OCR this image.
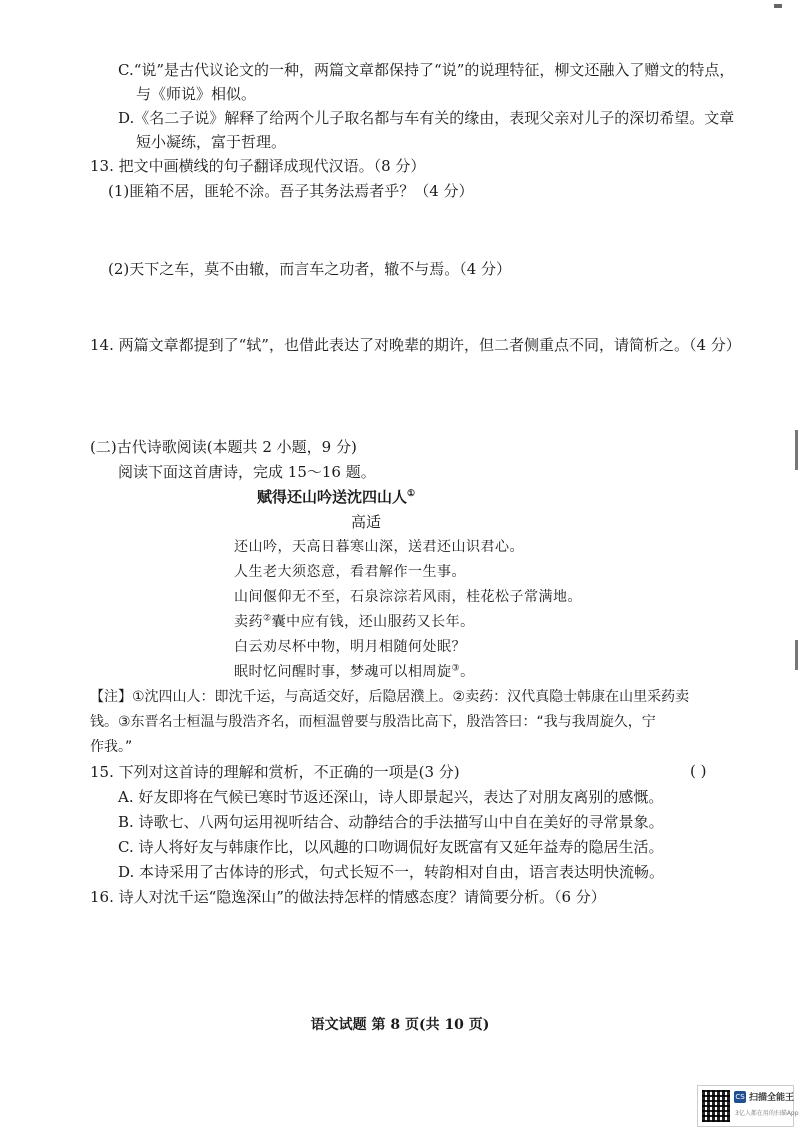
C.“说”是古代议论文的一种，两篇文章都保持了“说”的说理特征，柳文还融入了赠文的特点，
与《师说》相似。
D.《名二子说》解释了给两个儿子取名都与车有关的缘由，表现父亲对儿子的深切希望。文章
短小凝练，富于哲理。
13. 把文中画横线的句子翻译成现代汉语。（8 分）
(1)匪箱不居，匪轮不涂。吾子其务法焉者乎？（4 分）
(2)天下之车，莫不由辙，而言车之功者，辙不与焉。（4 分）
14. 两篇文章都提到了“轼”，也借此表达了对晚辈的期许，但二者侧重点不同，请简析之。（4 分）
(二)古代诗歌阅读(本题共 2 小题，9 分)
阅读下面这首唐诗，完成 15～16 题。
赋得还山吟送沈四山人①
高适
还山吟，天高日暮寒山深，送君还山识君心。
人生老大须恣意，看君解作一生事。
山间偃仰无不至，石泉淙淙若风雨，桂花松子常满地。
卖药②囊中应有钱，还山服药又长年。
白云劝尽杯中物，明月相随何处眠？
眠时忆问醒时事，梦魂可以相周旋③。
【注】①沈四山人：即沈千运，与高适交好，后隐居濮上。②卖药：汉代真隐士韩康在山里采药卖
钱。③东晋名士桓温与殷浩齐名，而桓温曾要与殷浩比高下，殷浩答曰：“我与我周旋久，宁
作我。”
15. 下列对这首诗的理解和赏析，不正确的一项是(3 分)	( )
A. 好友即将在气候已寒时节返还深山，诗人即景起兴，表达了对朋友离别的感慨。
B. 诗歌七、八两句运用视听结合、动静结合的手法描写山中自在美好的寻常景象。
C. 诗人将好友与韩康作比，以风趣的口吻调侃好友既富有又延年益寿的隐居生活。
D. 本诗采用了古体诗的形式，句式长短不一，转韵相对自由，语言表达明快流畅。
16. 诗人对沈千运“隐逸深山”的做法持怎样的情感态度？请简要分析。（6 分）
语文试题 第 8 页(共 10 页)
CS 扫描全能王
3亿人都在用的扫描App
